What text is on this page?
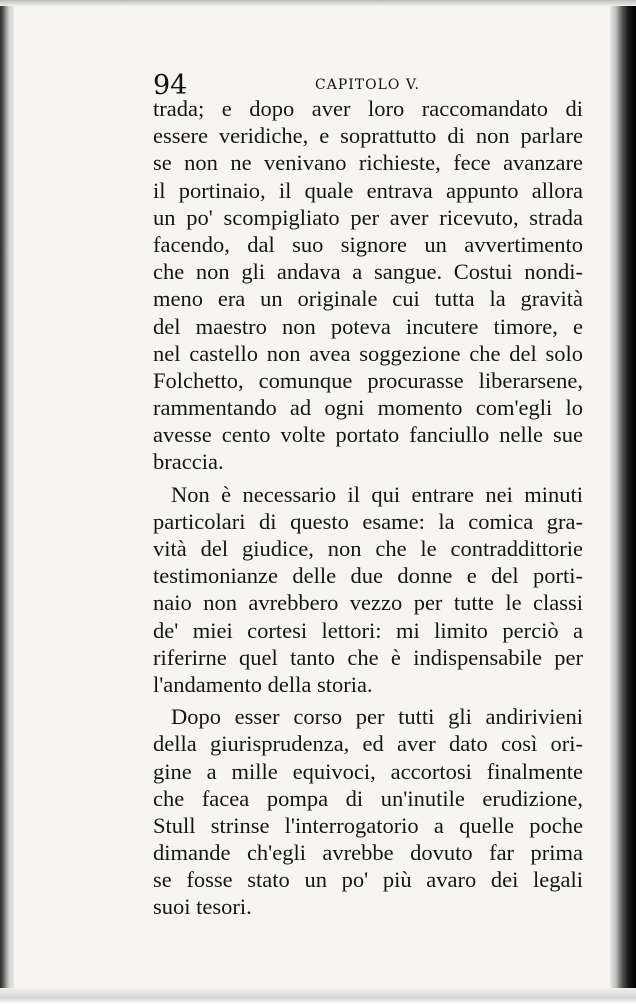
94	CAPITOLO V.
trada; e dopo aver loro raccomandato di
essere veridiche, e soprattutto di non parlare
se non ne venivano richieste, fece avanzare
il portinaio, il quale entrava appunto allora
un po' scompigliato per aver ricevuto, strada
facendo, dal suo signore un avvertimento
che non gli andava a sangue. Costui nondi-
meno era un originale cui tutta la gravità
del maestro non poteva incutere timore, e
nel castello non avea soggezione che del solo
Folchetto, comunque procurasse liberarsene,
rammentando ad ogni momento com'egli lo
avesse cento volte portato fanciullo nelle sue
braccia.
Non è necessario il qui entrare nei minuti
particolari di questo esame: la comica gra-
vità del giudice, non che le contraddittorie
testimonianze delle due donne e del porti-
naio non avrebbero vezzo per tutte le classi
de' miei cortesi lettori: mi limito perciò a
riferirne quel tanto che è indispensabile per
l'andamento della storia.
Dopo esser corso per tutti gli andirivieni
della giurisprudenza, ed aver dato così ori-
gine a mille equivoci, accortosi finalmente
che facea pompa di un'inutile erudizione,
Stull strinse l'interrogatorio a quelle poche
dimande ch'egli avrebbe dovuto far prima
se fosse stato un po' più avaro dei legali
suoi tesori.
